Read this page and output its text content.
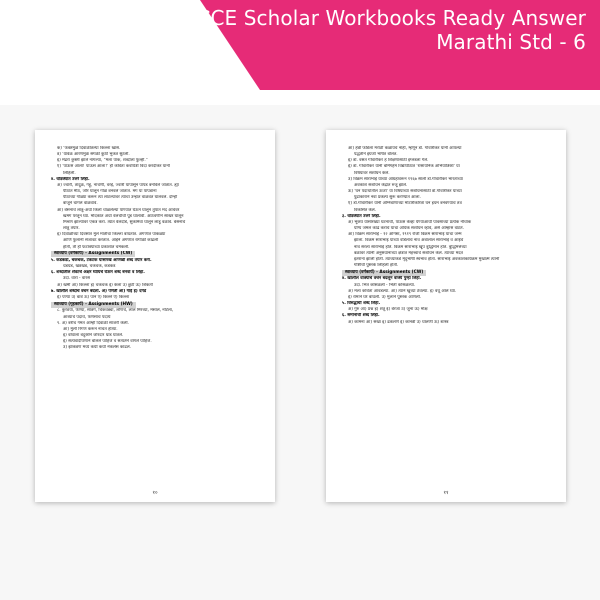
CCE Scholar Workbooks Ready Answer
Marathi Std - 6
क) 'फक्तमुळे दिवाळीतल्या किल्ला खास.
ड) 'यावेळ आरणमुळे सगळी कुठी भुंकत सुटली.
इ) मेंढरा कुस्ती झाले नागल्या, "मला पाक, शब्दोला फुल्ही."
ए) 'पाऊस आला! पाऊस आला!' ही कविता कवयित्री विंदा करंदीकर यांनी
लिहिली.
४. थोडक्यात उत्तरे लिहा.
अ) ज्वारी, तांदूळ, गहू, नाचणी, वरई, ज्वारी यांपासून पापड बनविले जातात. ह्या
पीठात मीठ, जीरं घालून गोळे बनवले जातात. मग या पापडांना
पीठाच्या गोळ्या करून त्या लाटल्यावर त्याचा उन्हात वाळवत घालवले. दोन्ही
बाजूने चांगले वाळवावे.
आ) बेसनाचे लाडू-अर्धा किलो चाळलेल्या पाण्यांत घेऊन घालून तुपात मंद आचेवर
खमंग परतून घ्या. मोदकांत अर्धा वेलचीची पूड घालावी. आठवणीने साखर घालून
मिश्रण झाल्यावर एकत्र करा. त्यात वेलदोडे, सुकामेवा घालून लाडू वळावे. बेसनाचे
लाडू तयार.
इ) दिवाळीच्या दिवसात मुले मातीचा किल्ला बांधतात. अंगणात पाकळ्या
आणि फुलांनी सजावट करतात. आईने अंगणात रांगोळी काढली
होती, ती ही फटाक्यांच्या प्रकाशात चमकली.
स्वाध्याय (वर्गकार्य) - Assignments (CW)
५. कडकडा, चकचक, टकटक यांसारखे आणखी शब्द तयार करा.
धडधड, खडखड, चकचक, कडकड
६. शब्दातील शेवटचे अक्षर घ्यायचे घेऊन शब्द बनवा व लिहा.
उदा. वारा - वारस
अ) खमी आ) किल्ला इ) चकचक ई) केला उ) छुटी ऊ) शिकती
७. खालील शब्दांचे वचन बदला. अ) पणती आ) गाई इ) दगडे
ई) पण्यां उ) बाबे ऊ) पान ए) किल्ले ऐ) किल्ला
स्वाध्याय (गृहकार्य) - Assignments (HW)
८. कुरडया, फेण्या, सांडगे, चिकवड्या, लोणचे, लाल मिरच्या, मसाले, नोटेला,
आंब्याचे पदार्थ, फणसाचे पदार्थ
९. अ) बरीच गंमत आम्ही दिवाळी साजरी केली.
आ) मुली रिंगण करून नाचत होत्या.
इ) वाघाला बंदुकीने जोरदार धाड घातले.
ई) सत्यवादीपणाने बोलले पाहिजे व सत्यतेने वागले पाहिजे.
उ) झाकडण मध्ये कधी कधी नेकलेस काढले.
१०
आ) हेन्री फोर्डला मराठी कळायचे नाही, म्हणून डॉ. गोवारीकर यांनी आपल्या
पद्धतीने इंग्रजी भाषेत बोलत.
इ) डॉ. वसंत गोवारीकर हे शिक्षणासाठी इंग्लंडला गेले.
ई) डॉ. गोवारीकर यांनी बर्मिंगहॅम विद्यापीठात 'रासायनिक अभियांत्रिकी' या
विषयावर संशोधन केले.
उ) विक्रम साराभाई यांच्या आग्रहावरून १९६७ साली डॉ.गोवारीकर भारताच्या
अवकाश संशोधन केंद्रात रुजू झाले.
ऊ) 'घन पदार्थातील ऊर्जा' या विषयाच्या संशोधनासाठी डॉ.गोवारीकर यांच्या
पुढाकाराने नवा प्रकल्प सुरू करण्यात आला.
ए) डॉ.गोवारीकर यांनी अग्निबाणाच्या मोटारींकरिता घन इंधन बनवण्याचे तंत्र
विकसित केले.
३. थोडक्यात उत्तरे लिहा.
अ) भूकंप यांसारख्या घटनांची, पाऊस केव्हा येण्याआधी पावसाच्या प्रत्येक नीचांक
योग्य जमल काढे कराचे याचा अधिक संशोधन व्हावे, असे आम्हांस वाटते.
आ) विक्रम साराभाई - १२ ऑगस्ट, १९१९ रोजी विक्रम साराभाई यांचा जन्म
झाला. विक्रम साराभाई यांच्या वडिलांचे नाव अंबालाल साराभाई व आईचे
नाव सरला साराभाई होते. विक्रम साराभाई खूप बुद्धिमान होते. बुद्धिमत्तेच्या
बळावर त्यांनी अनुसंधानाच्या क्षेत्रात महत्त्वाचे संशोधन केले. त्यांच्या मदत
इतरांना झाली होती. त्यांच्याकडे मृदुभाषी स्वभाव होता. साराभाई अवकाशकार्यक्रम मुखात्मे त्यांनी
गोष्टींची पुस्तके लिहिली होती.
स्वाध्याय (वर्गकार्य) - Assignments (CW)
४. खालील वाक्यांचे वचन बदलून वाक्ये पुन्हा लिहा.
उदा. भिंत कोसळली - भिंती कोसळल्या.
अ) मला कविता आवडल्या. आ) त्याने खुच्या ठेवल्या. इ) वधू आले घ्या.
ई) रामाने घरे बांधली. उ) मुलाने पुस्तक आणली.
५. विरुद्धार्थी शब्द लिहा.
अ) गुरु आ) प्रश्न इ) शत्रू ई) बेरजा उ) जुना ऊ) मोक्ष
६. समानार्थी शब्द लिहा.
अ) कामना आ) सखा इ) ढकलणे ई) कानडी उ) घालणी ऊ) शास्त्र
११
